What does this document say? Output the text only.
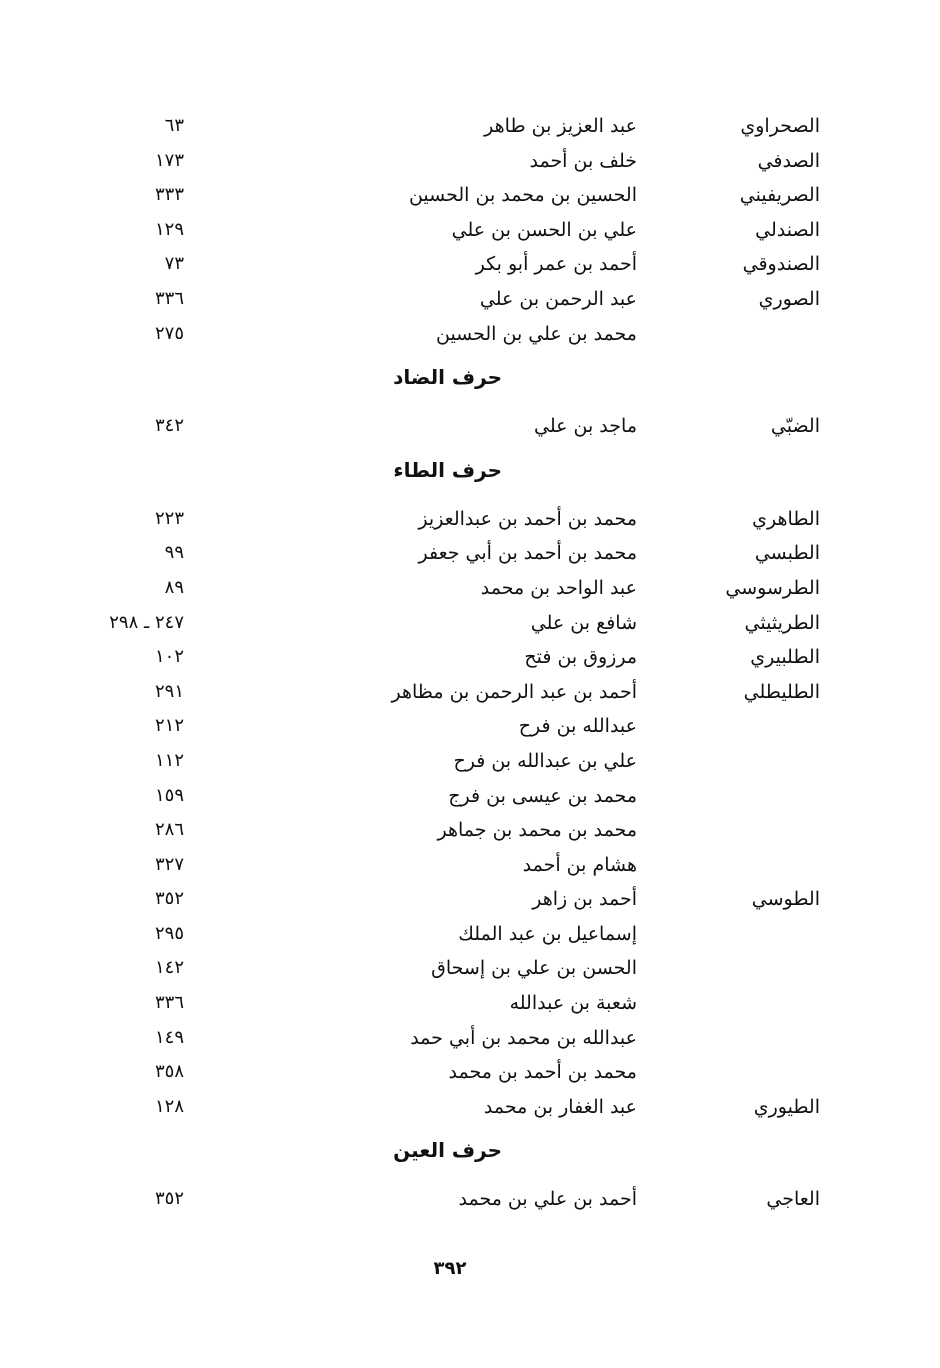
الصحراوي
عبد العزيز بن طاهر
٦٣
الصدفي
خلف بن أحمد
١٧٣
الصريفيني
الحسين بن محمد بن الحسين
٣٣٣
الصندلي
علي بن الحسن بن علي
١٢٩
الصندوقي
أحمد بن عمر أبو بكر
٧٣
الصوري
عبد الرحمن بن علي
٣٣٦
محمد بن علي بن الحسين
٢٧٥
حرف الضاد
الضبّي
ماجد بن علي
٣٤٢
حرف الطاء
الطاهري
محمد بن أحمد بن عبدالعزيز
٢٢٣
الطبسي
محمد بن أحمد بن أبي جعفر
٩٩
الطرسوسي
عبد الواحد بن محمد
٨٩
الطريثيثي
شافع بن علي
٢٤٧ ـ ٢٩٨
الطلبيري
مرزوق بن فتح
١٠٢
الطليطلي
أحمد بن عبد الرحمن بن مظاهر
٢٩١
عبدالله بن فرح
٢١٢
علي بن عبدالله بن فرح
١١٢
محمد بن عيسى بن فرج
١٥٩
محمد بن محمد بن جماهر
٢٨٦
هشام بن أحمد
٣٢٧
الطوسي
أحمد بن زاهر
٣٥٢
إسماعيل بن عبد الملك
٢٩٥
الحسن بن علي بن إسحاق
١٤٢
شعبة بن عبدالله
٣٣٦
عبدالله بن محمد بن أبي حمد
١٤٩
محمد بن أحمد بن محمد
٣٥٨
الطيوري
عبد الغفار بن محمد
١٢٨
حرف العين
العاجي
أحمد بن علي بن محمد
٣٥٢
٣٩٢
